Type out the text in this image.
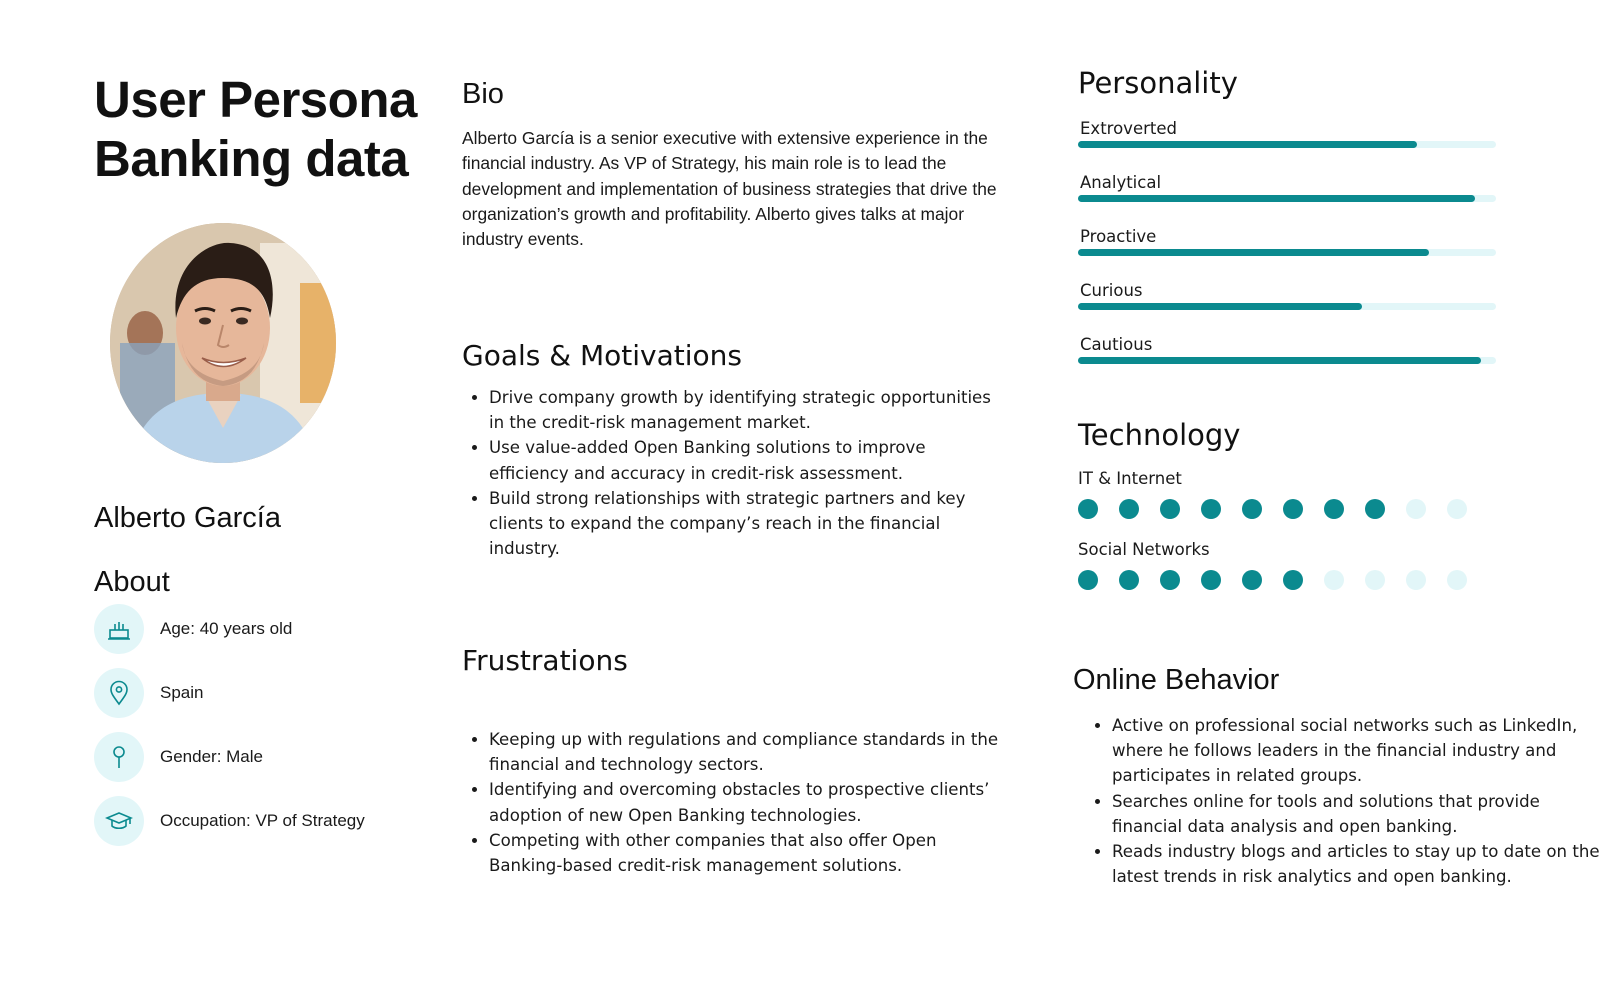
User Persona
Banking data
Alberto García
About
Age: 40 years old
Spain
Gender: Male
Occupation: VP of Strategy
Bio
Alberto García is a senior executive with extensive experience in the financial industry. As VP of Strategy, his main role is to lead the development and implementation of business strategies that drive the organization’s growth and profitability. Alberto gives talks at major industry events.
Goals & Motivations
• Drive company growth by identifying strategic opportunities in the credit-risk management market.
• Use value-added Open Banking solutions to improve efficiency and accuracy in credit-risk assessment.
• Build strong relationships with strategic partners and key clients to expand the company’s reach in the financial industry.
Frustrations
• Keeping up with regulations and compliance standards in the financial and technology sectors.
• Identifying and overcoming obstacles to prospective clients’ adoption of new Open Banking technologies.
• Competing with other companies that also offer Open Banking-based credit-risk management solutions.
Personality
Extroverted
Analytical
Proactive
Curious
Cautious
Technology
IT & Internet
Social Networks
Online Behavior
• Active on professional social networks such as LinkedIn, where he follows leaders in the financial industry and participates in related groups.
• Searches online for tools and solutions that provide financial data analysis and open banking.
• Reads industry blogs and articles to stay up to date on the latest trends in risk analytics and open banking.
